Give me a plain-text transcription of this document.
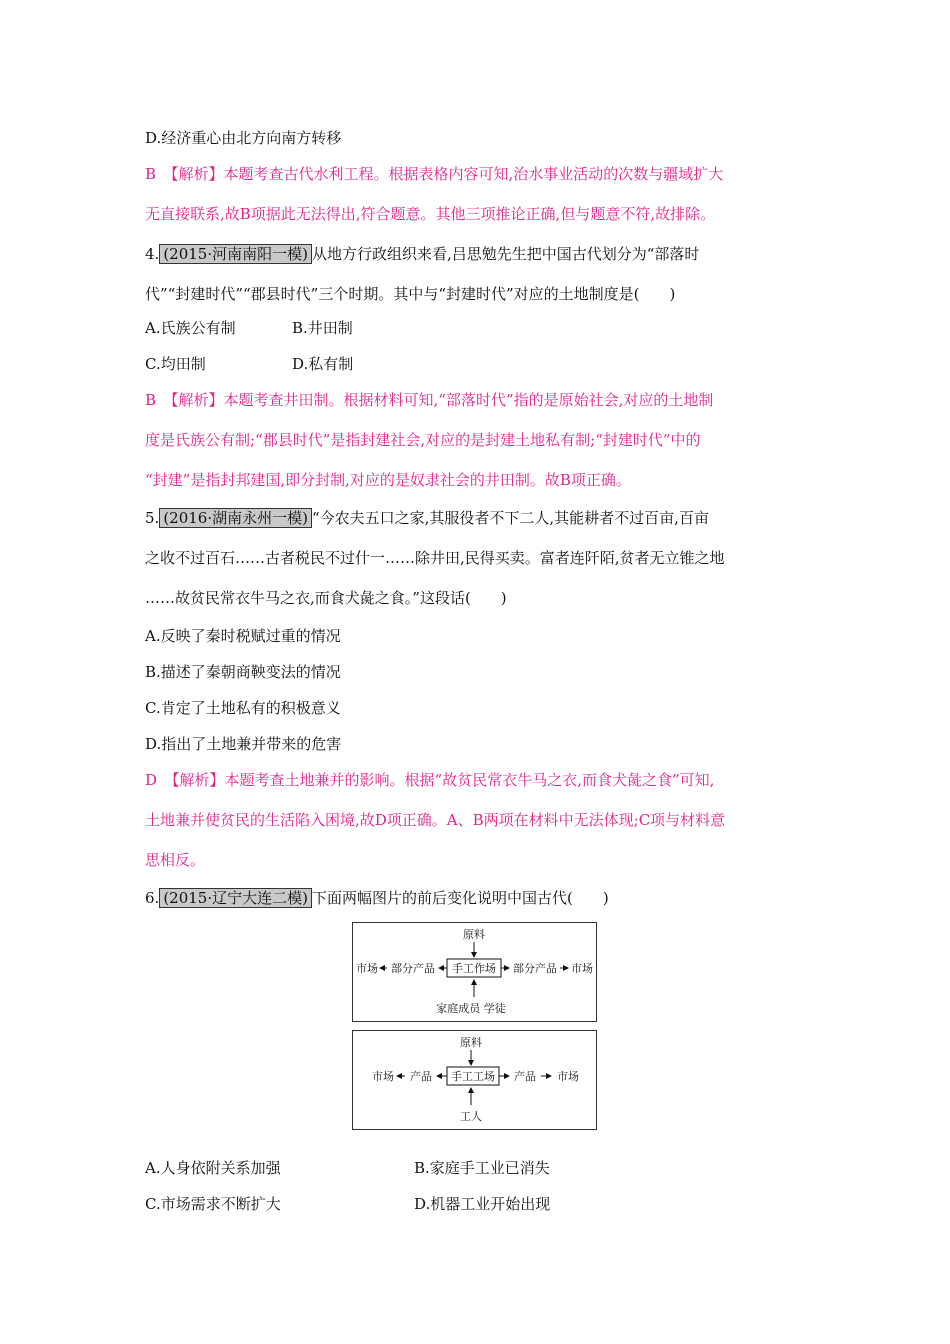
D.经济重心由北方向南方转移
B　【解析】本题考查古代水利工程。根据表格内容可知,治水事业活动的次数与疆域扩大
无直接联系,故B项据此无法得出,符合题意。其他三项推论正确,但与题意不符,故排除。
4. (2015·河南南阳一模) 从地方行政组织来看,吕思勉先生把中国古代划分为“部落时
代”“封建时代”“郡县时代”三个时期。其中与“封建时代”对应的土地制度是(　　)
A.氏族公有制	B.井田制
C.均田制	D.私有制
B　【解析】本题考查井田制。根据材料可知,“部落时代”指的是原始社会,对应的土地制
度是氏族公有制;“郡县时代”是指封建社会,对应的是封建土地私有制;“封建时代”中的
“封建”是指封邦建国,即分封制,对应的是奴隶社会的井田制。故B项正确。
5. (2016·湖南永州一模) “今农夫五口之家,其服役者不下二人,其能耕者不过百亩,百亩
之收不过百石……古者税民不过什一……除井田,民得买卖。富者连阡陌,贫者无立锥之地
……故贫民常衣牛马之衣,而食犬彘之食。”这段话(　　)
A.反映了秦时税赋过重的情况
B.描述了秦朝商鞅变法的情况
C.肯定了土地私有的积极意义
D.指出了土地兼并带来的危害
D　【解析】本题考查土地兼并的影响。根据“故贫民常衣牛马之衣,而食犬彘之食”可知,
土地兼并使贫民的生活陷入困境,故D项正确。A、B两项在材料中无法体现;C项与材料意
思相反。
6. (2015·辽宁大连二模) 下面两幅图片的前后变化说明中国古代(　　)
原料
手工作场
部分产品
市场	部分产品 市场
家庭成员 学徒
原料
手工工场
产品
市场	产品 市场
工人
A.人身依附关系加强	B.家庭手工业已消失
C.市场需求不断扩大	D.机器工业开始出现
